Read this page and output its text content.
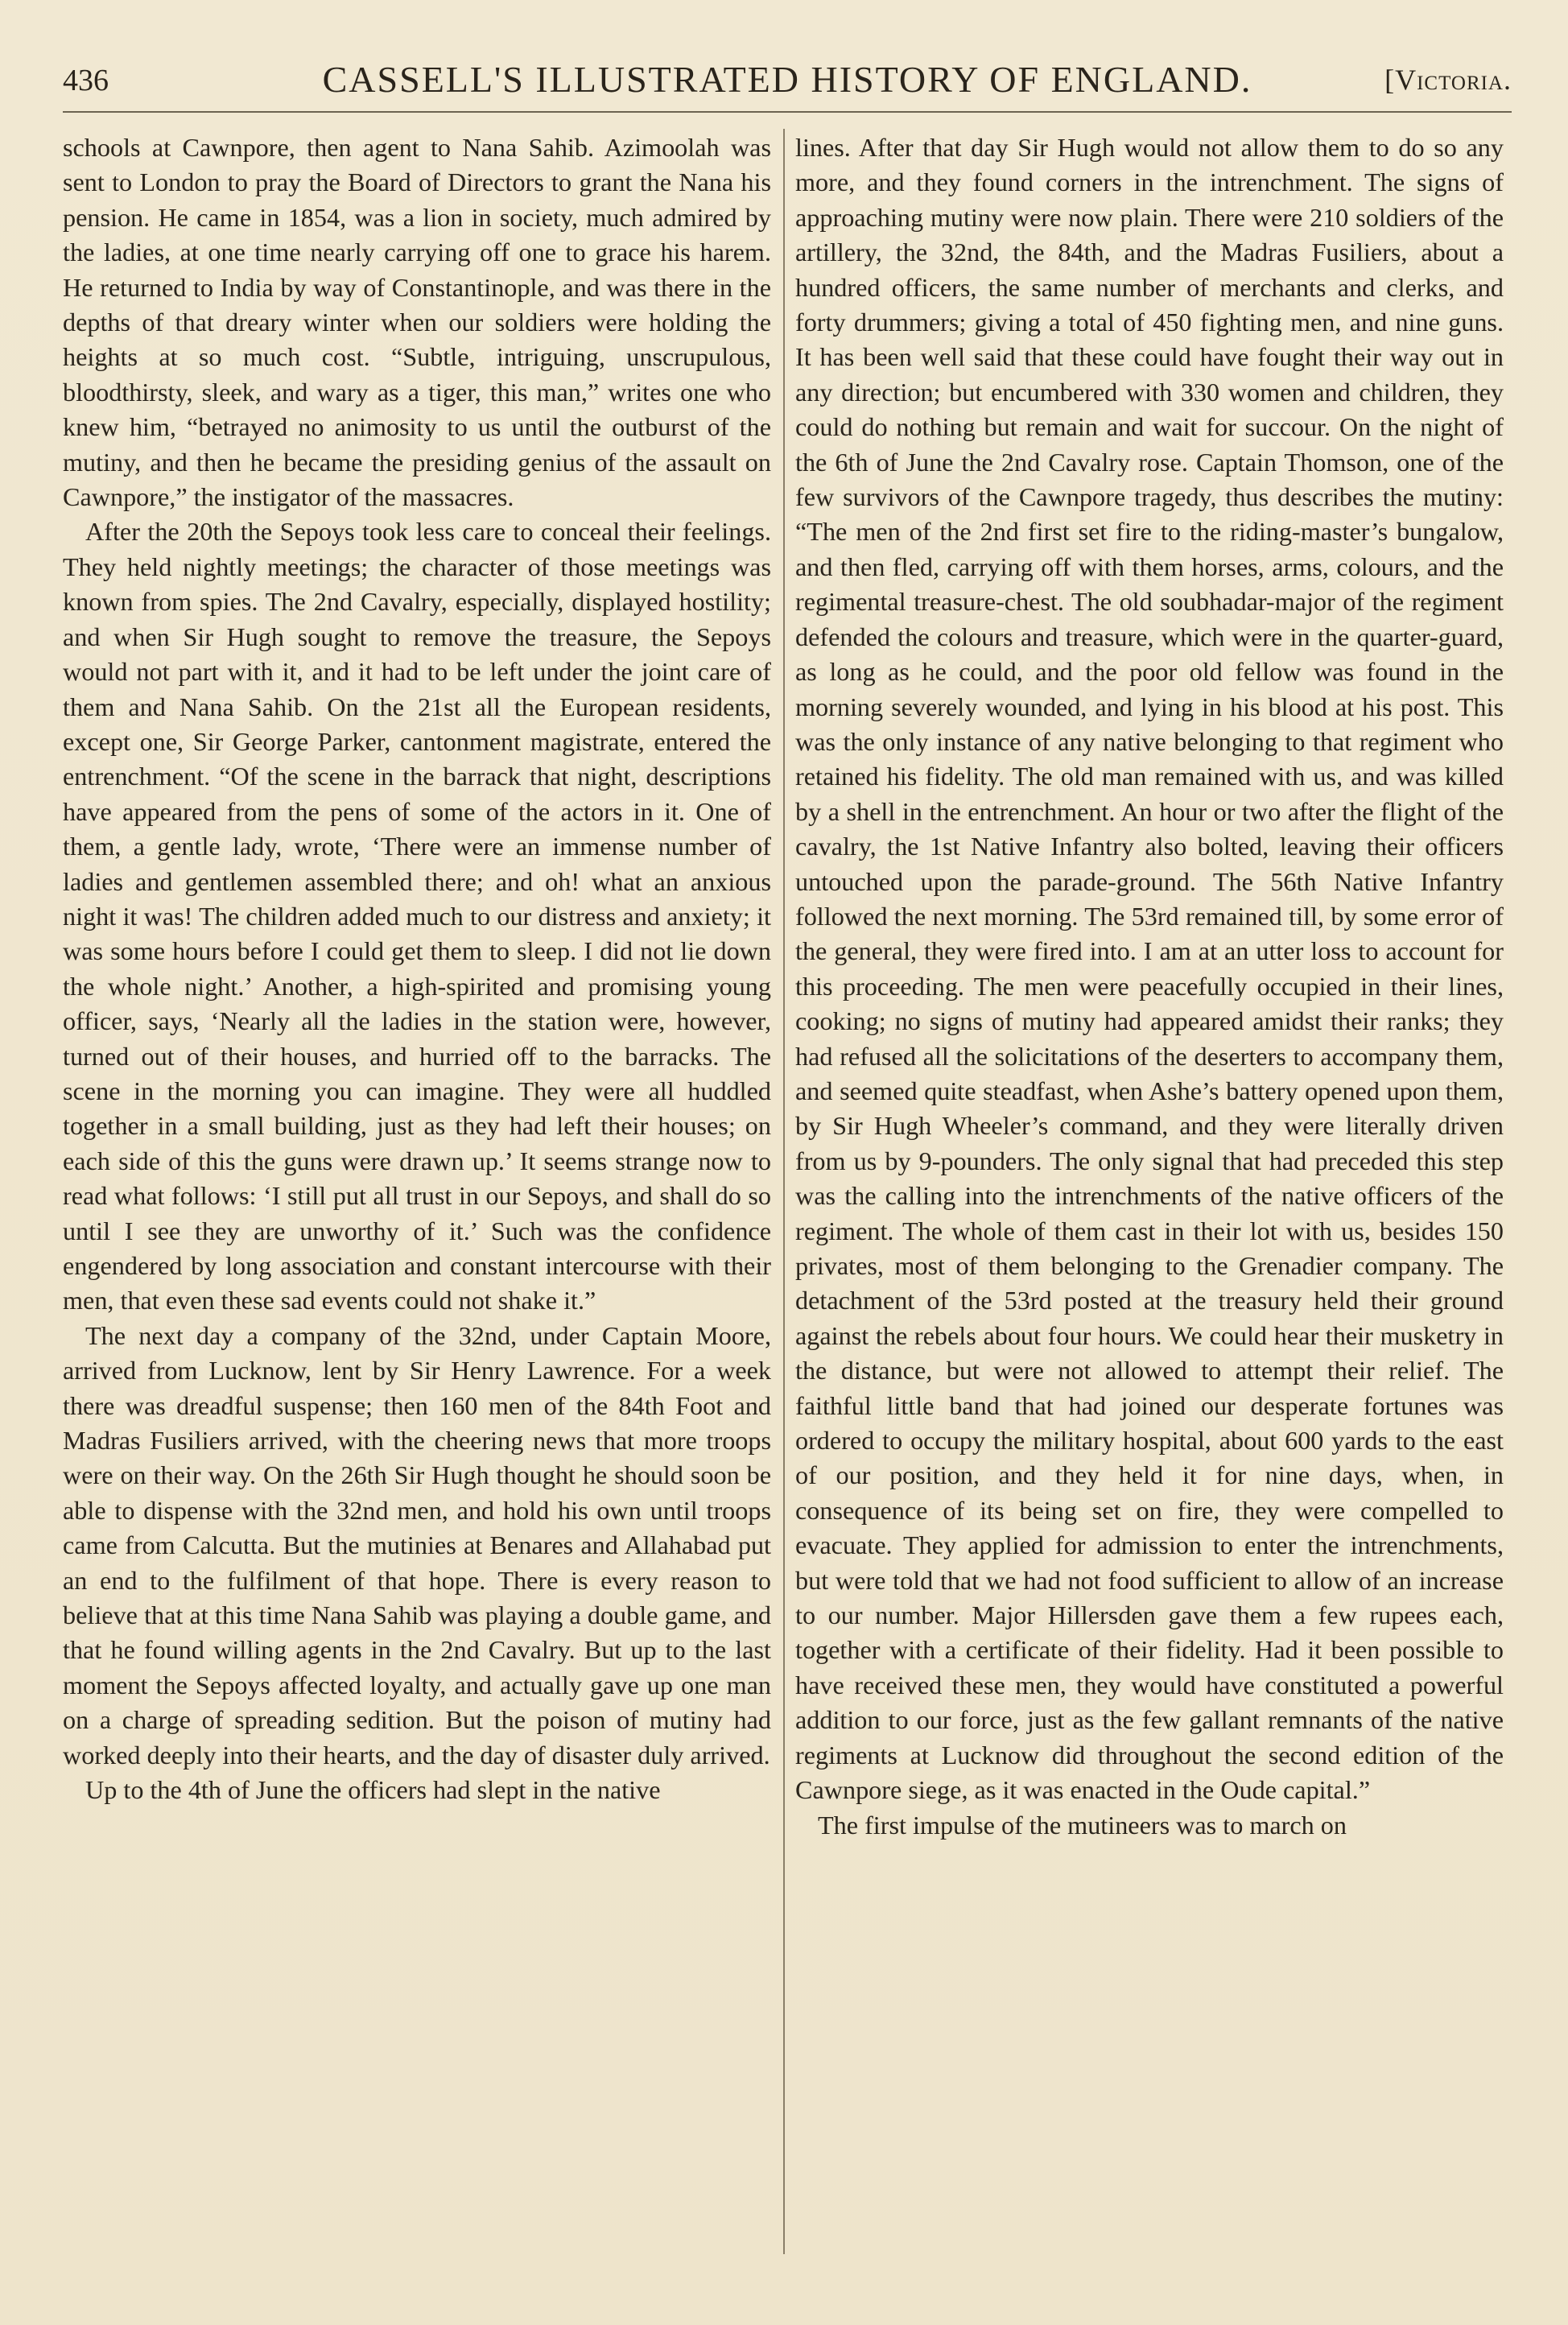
436	CASSELL'S ILLUSTRATED HISTORY OF ENGLAND.	[Victoria.

schools at Cawnpore, then agent to Nana Sahib. Azimoolah was sent to London to pray the Board of Directors to grant the Nana his pension. He came in 1854, was a lion in society, much admired by the ladies, at one time nearly carrying off one to grace his harem. He returned to India by way of Constantinople, and was there in the depths of that dreary winter when our soldiers were holding the heights at so much cost. “Subtle, intriguing, unscrupulous, bloodthirsty, sleek, and wary as a tiger, this man,” writes one who knew him, “betrayed no animosity to us until the outburst of the mutiny, and then he became the presiding genius of the assault on Cawnpore,” the instigator of the massacres.

After the 20th the Sepoys took less care to conceal their feelings. They held nightly meetings; the character of those meetings was known from spies. The 2nd Cavalry, especially, displayed hostility; and when Sir Hugh sought to remove the treasure, the Sepoys would not part with it, and it had to be left under the joint care of them and Nana Sahib. On the 21st all the European residents, except one, Sir George Parker, cantonment magistrate, entered the entrenchment. “Of the scene in the barrack that night, descriptions have appeared from the pens of some of the actors in it. One of them, a gentle lady, wrote, ‘There were an immense number of ladies and gentlemen assembled there; and oh! what an anxious night it was! The children added much to our distress and anxiety; it was some hours before I could get them to sleep. I did not lie down the whole night.’ Another, a high-spirited and promising young officer, says, ‘Nearly all the ladies in the station were, however, turned out of their houses, and hurried off to the barracks. The scene in the morning you can imagine. They were all huddled together in a small building, just as they had left their houses; on each side of this the guns were drawn up.’ It seems strange now to read what follows: ‘I still put all trust in our Sepoys, and shall do so until I see they are unworthy of it.’ Such was the confidence engendered by long association and constant intercourse with their men, that even these sad events could not shake it.”

The next day a company of the 32nd, under Captain Moore, arrived from Lucknow, lent by Sir Henry Lawrence. For a week there was dreadful suspense; then 160 men of the 84th Foot and Madras Fusiliers arrived, with the cheering news that more troops were on their way. On the 26th Sir Hugh thought he should soon be able to dispense with the 32nd men, and hold his own until troops came from Calcutta. But the mutinies at Benares and Allahabad put an end to the fulfilment of that hope. There is every reason to believe that at this time Nana Sahib was playing a double game, and that he found willing agents in the 2nd Cavalry. But up to the last moment the Sepoys affected loyalty, and actually gave up one man on a charge of spreading sedition. But the poison of mutiny had worked deeply into their hearts, and the day of disaster duly arrived.

Up to the 4th of June the officers had slept in the native

lines. After that day Sir Hugh would not allow them to do so any more, and they found corners in the intrenchment. The signs of approaching mutiny were now plain. There were 210 soldiers of the artillery, the 32nd, the 84th, and the Madras Fusiliers, about a hundred officers, the same number of merchants and clerks, and forty drummers; giving a total of 450 fighting men, and nine guns. It has been well said that these could have fought their way out in any direction; but encumbered with 330 women and children, they could do nothing but remain and wait for succour. On the night of the 6th of June the 2nd Cavalry rose. Captain Thomson, one of the few survivors of the Cawnpore tragedy, thus describes the mutiny: “The men of the 2nd first set fire to the riding-master’s bungalow, and then fled, carrying off with them horses, arms, colours, and the regimental treasure-chest. The old soubhadar-major of the regiment defended the colours and treasure, which were in the quarter-guard, as long as he could, and the poor old fellow was found in the morning severely wounded, and lying in his blood at his post. This was the only instance of any native belonging to that regiment who retained his fidelity. The old man remained with us, and was killed by a shell in the entrenchment. An hour or two after the flight of the cavalry, the 1st Native Infantry also bolted, leaving their officers untouched upon the parade-ground. The 56th Native Infantry followed the next morning. The 53rd remained till, by some error of the general, they were fired into. I am at an utter loss to account for this proceeding. The men were peacefully occupied in their lines, cooking; no signs of mutiny had appeared amidst their ranks; they had refused all the solicitations of the deserters to accompany them, and seemed quite steadfast, when Ashe’s battery opened upon them, by Sir Hugh Wheeler’s command, and they were literally driven from us by 9-pounders. The only signal that had preceded this step was the calling into the intrenchments of the native officers of the regiment. The whole of them cast in their lot with us, besides 150 privates, most of them belonging to the Grenadier company. The detachment of the 53rd posted at the treasury held their ground against the rebels about four hours. We could hear their musketry in the distance, but were not allowed to attempt their relief. The faithful little band that had joined our desperate fortunes was ordered to occupy the military hospital, about 600 yards to the east of our position, and they held it for nine days, when, in consequence of its being set on fire, they were compelled to evacuate. They applied for admission to enter the intrenchments, but were told that we had not food sufficient to allow of an increase to our number. Major Hillersden gave them a few rupees each, together with a certificate of their fidelity. Had it been possible to have received these men, they would have constituted a powerful addition to our force, just as the few gallant remnants of the native regiments at Lucknow did throughout the second edition of the Cawnpore siege, as it was enacted in the Oude capital.”

The first impulse of the mutineers was to march on
